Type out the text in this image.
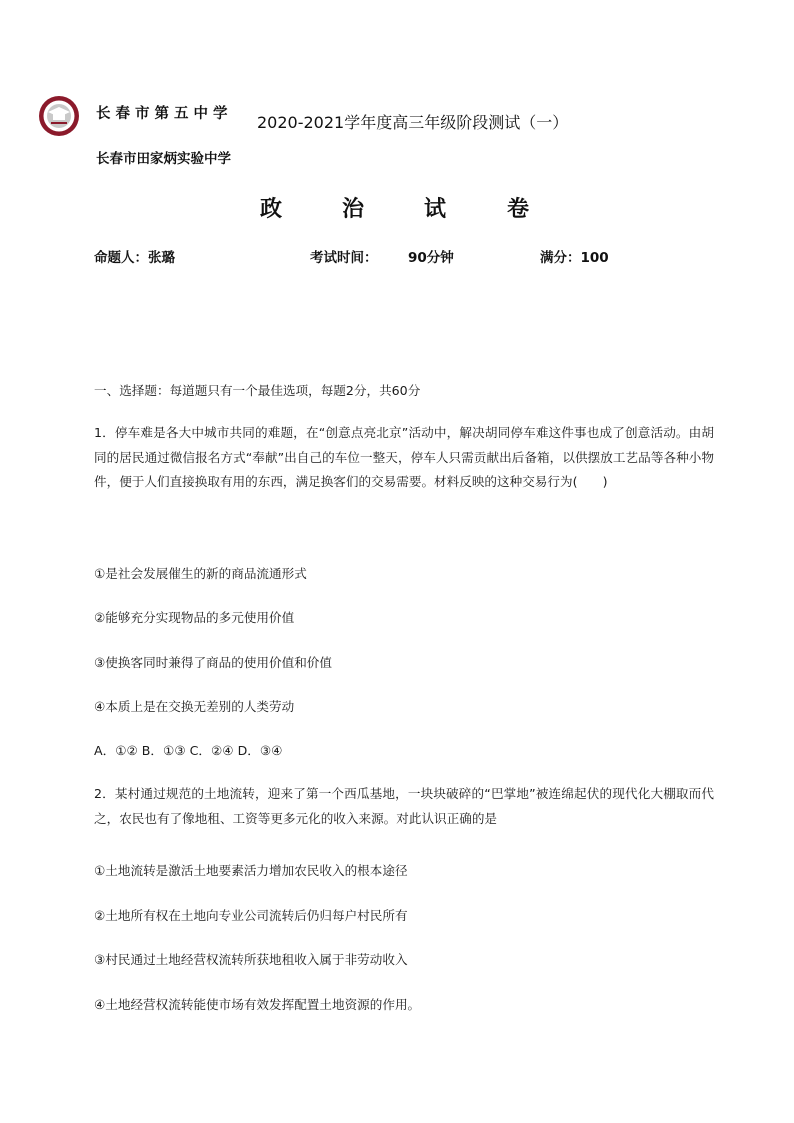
长春市第五中学 2020-2021学年度高三年级阶段测试（一）
长春市田家炳实验中学
政	治	试	卷
命题人：张璐	考试时间： 90分钟	满分：100
一、选择题：每道题只有一个最佳选项，每题2分，共60分
1．停车难是各大中城市共同的难题，在“创意点亮北京”活动中，解决胡同停车难这件事也成了创意活动。由胡同的居民通过微信报名方式“奉献”出自己的车位一整天，停车人只需贡献出后备箱，以供摆放工艺品等各种小物件，便于人们直接换取有用的东西，满足换客们的交易需要。材料反映的这种交易行为(　　)
①是社会发展催生的新的商品流通形式
②能够充分实现物品的多元使用价值
③使换客同时兼得了商品的使用价值和价值
④本质上是在交换无差别的人类劳动
A．①② B．①③ C．②④ D．③④
2．某村通过规范的土地流转，迎来了第一个西瓜基地，一块块破碎的“巴掌地”被连绵起伏的现代化大棚取而代之，农民也有了像地租、工资等更多元化的收入来源。对此认识正确的是
①土地流转是激活土地要素活力增加农民收入的根本途径
②土地所有权在土地向专业公司流转后仍归每户村民所有
③村民通过土地经营权流转所获地租收入属于非劳动收入
④土地经营权流转能使市场有效发挥配置土地资源的作用。
